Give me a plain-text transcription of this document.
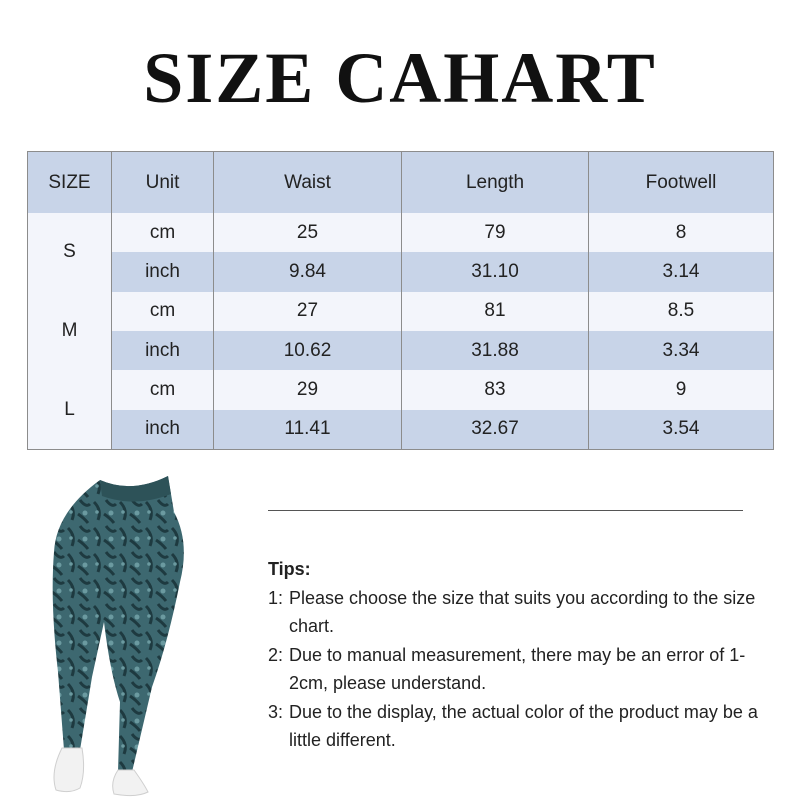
SIZE CAHART
SIZE	Unit	Waist	Length	Footwell
S	cm	25	79	8
	inch	9.84	31.10	3.14
M	cm	27	81	8.5
	inch	10.62	31.88	3.34
L	cm	29	83	9
	inch	11.41	32.67	3.54
Tips:
1: Please choose the size that suits you according to the size chart.
2: Due to manual measurement, there may be an error of 1-2cm, please understand.
3: Due to the display, the actual color of the product may be a little different.
